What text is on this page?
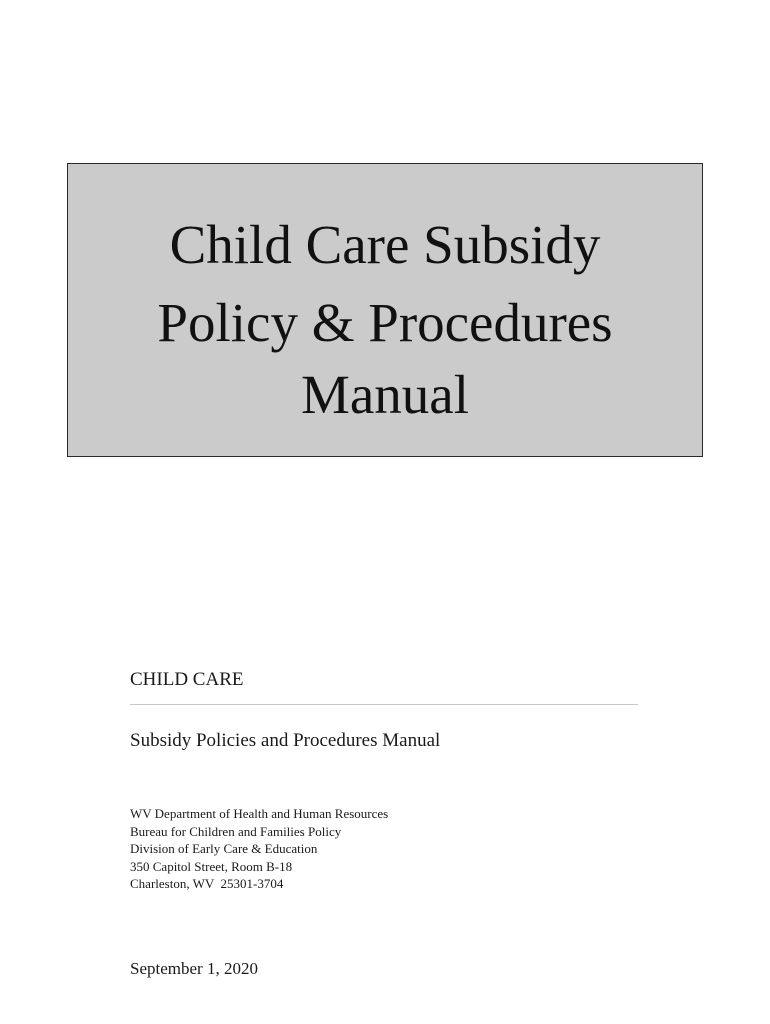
Child Care Subsidy
Policy & Procedures
Manual
CHILD CARE
Subsidy Policies and Procedures Manual
WV Department of Health and Human Resources
Bureau for Children and Families Policy
Division of Early Care & Education
350 Capitol Street, Room B-18
Charleston, WV  25301-3704
September 1, 2020
